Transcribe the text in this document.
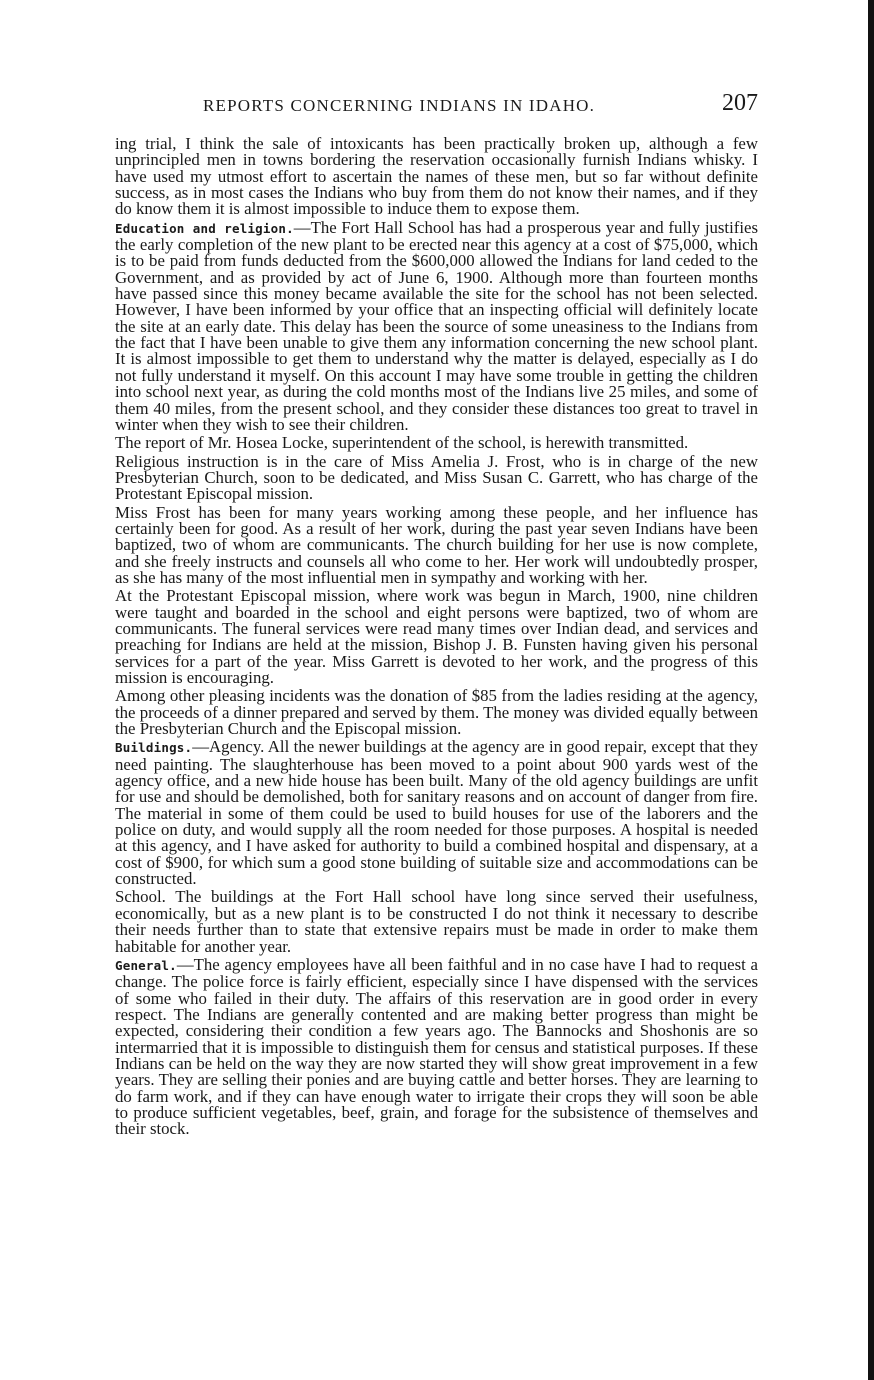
REPORTS CONCERNING INDIANS IN IDAHO.	207

ing trial, I think the sale of intoxicants has been practically broken up, although a few unprincipled men in towns bordering the reservation occasionally furnish Indians whisky. I have used my utmost effort to ascertain the names of these men, but so far without definite success, as in most cases the Indians who buy from them do not know their names, and if they do know them it is almost impossible to induce them to expose them.

Education and religion.—The Fort Hall School has had a prosperous year and fully justifies the early completion of the new plant to be erected near this agency at a cost of $75,000, which is to be paid from funds deducted from the $600,000 allowed the Indians for land ceded to the Government, and as provided by act of June 6, 1900. Although more than fourteen months have passed since this money became available the site for the school has not been selected. However, I have been informed by your office that an inspecting official will definitely locate the site at an early date. This delay has been the source of some uneasiness to the Indians from the fact that I have been unable to give them any information concerning the new school plant. It is almost impossible to get them to understand why the matter is delayed, especially as I do not fully understand it myself. On this account I may have some trouble in getting the children into school next year, as during the cold months most of the Indians live 25 miles, and some of them 40 miles, from the present school, and they consider these distances too great to travel in winter when they wish to see their children.

The report of Mr. Hosea Locke, superintendent of the school, is herewith transmitted.

Religious instruction is in the care of Miss Amelia J. Frost, who is in charge of the new Presbyterian Church, soon to be dedicated, and Miss Susan C. Garrett, who has charge of the Protestant Episcopal mission.

Miss Frost has been for many years working among these people, and her influence has certainly been for good. As a result of her work, during the past year seven Indians have been baptized, two of whom are communicants. The church building for her use is now complete, and she freely instructs and counsels all who come to her. Her work will undoubtedly prosper, as she has many of the most influential men in sympathy and working with her.

At the Protestant Episcopal mission, where work was begun in March, 1900, nine children were taught and boarded in the school and eight persons were baptized, two of whom are communicants. The funeral services were read many times over Indian dead, and services and preaching for Indians are held at the mission, Bishop J. B. Funsten having given his personal services for a part of the year. Miss Garrett is devoted to her work, and the progress of this mission is encouraging.

Among other pleasing incidents was the donation of $85 from the ladies residing at the agency, the proceeds of a dinner prepared and served by them. The money was divided equally between the Presbyterian Church and the Episcopal mission.

Buildings.—Agency. All the newer buildings at the agency are in good repair, except that they need painting. The slaughterhouse has been moved to a point about 900 yards west of the agency office, and a new hide house has been built. Many of the old agency buildings are unfit for use and should be demolished, both for sanitary reasons and on account of danger from fire. The material in some of them could be used to build houses for use of the laborers and the police on duty, and would supply all the room needed for those purposes. A hospital is needed at this agency, and I have asked for authority to build a combined hospital and dispensary, at a cost of $900, for which sum a good stone building of suitable size and accommodations can be constructed.

School. The buildings at the Fort Hall school have long since served their usefulness, economically, but as a new plant is to be constructed I do not think it necessary to describe their needs further than to state that extensive repairs must be made in order to make them habitable for another year.

General.—The agency employees have all been faithful and in no case have I had to request a change. The police force is fairly efficient, especially since I have dispensed with the services of some who failed in their duty. The affairs of this reservation are in good order in every respect. The Indians are generally contented and are making better progress than might be expected, considering their condition a few years ago. The Bannocks and Shoshonis are so intermarried that it is impossible to distinguish them for census and statistical purposes. If these Indians can be held on the way they are now started they will show great improvement in a few years. They are selling their ponies and are buying cattle and better horses. They are learning to do farm work, and if they can have enough water to irrigate their crops they will soon be able to produce sufficient vegetables, beef, grain, and forage for the subsistence of themselves and their stock.
